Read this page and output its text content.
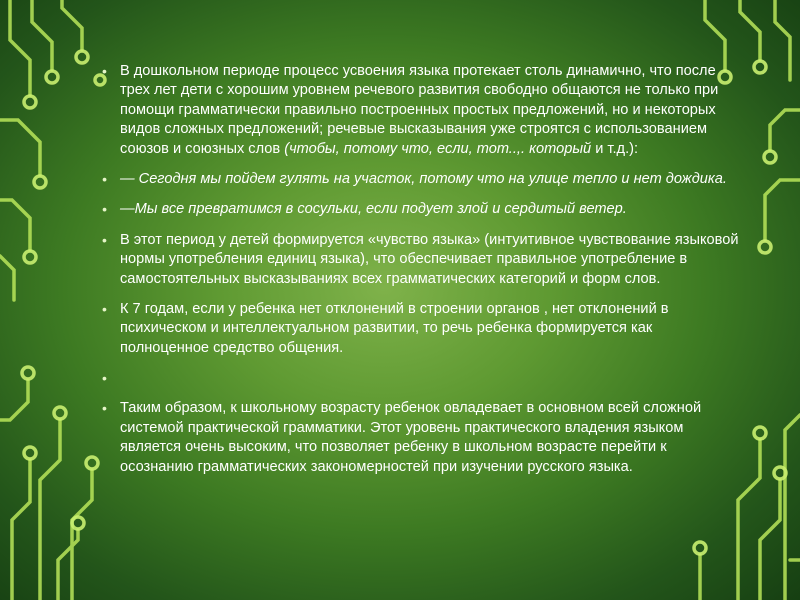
• В дошкольном периоде процесс усвоения языка протекает столь динамично, что после трех лет дети с хорошим уровнем речевого развития свободно общаются не только при помощи грамматически правильно построенных простых предложений, но и некоторых видов сложных предложений; речевые высказывания уже строятся с использованием союзов и союзных слов (чтобы, потому что, если, тот..,. который и т.д.):
• — Сегодня мы пойдем гулять на участок, потому что на улице тепло и нет дождика.
• —Мы все превратимся в сосульки, если подует злой и сердитый ветер.
• В этот период у детей формируется «чувство языка» (интуитивное чувствование языковой нормы употребления единиц языка), что обеспечивает правильное употребление в самостоятельных высказываниях всех грамматических категорий и форм слов.
• К 7 годам, если у ребенка нет отклонений в строении органов , нет отклонений в психическом и интеллектуальном развитии, то речь ребенка формируется как полноценное средство общения.
•
• Таким образом, к школьному возрасту ребенок овладевает в основном всей сложной системой практической грамматики. Этот уровень практического владения языком является очень высоким, что позволяет ребенку в школьном возрасте перейти к осознанию грамматических закономерностей при изучении русского языка.
